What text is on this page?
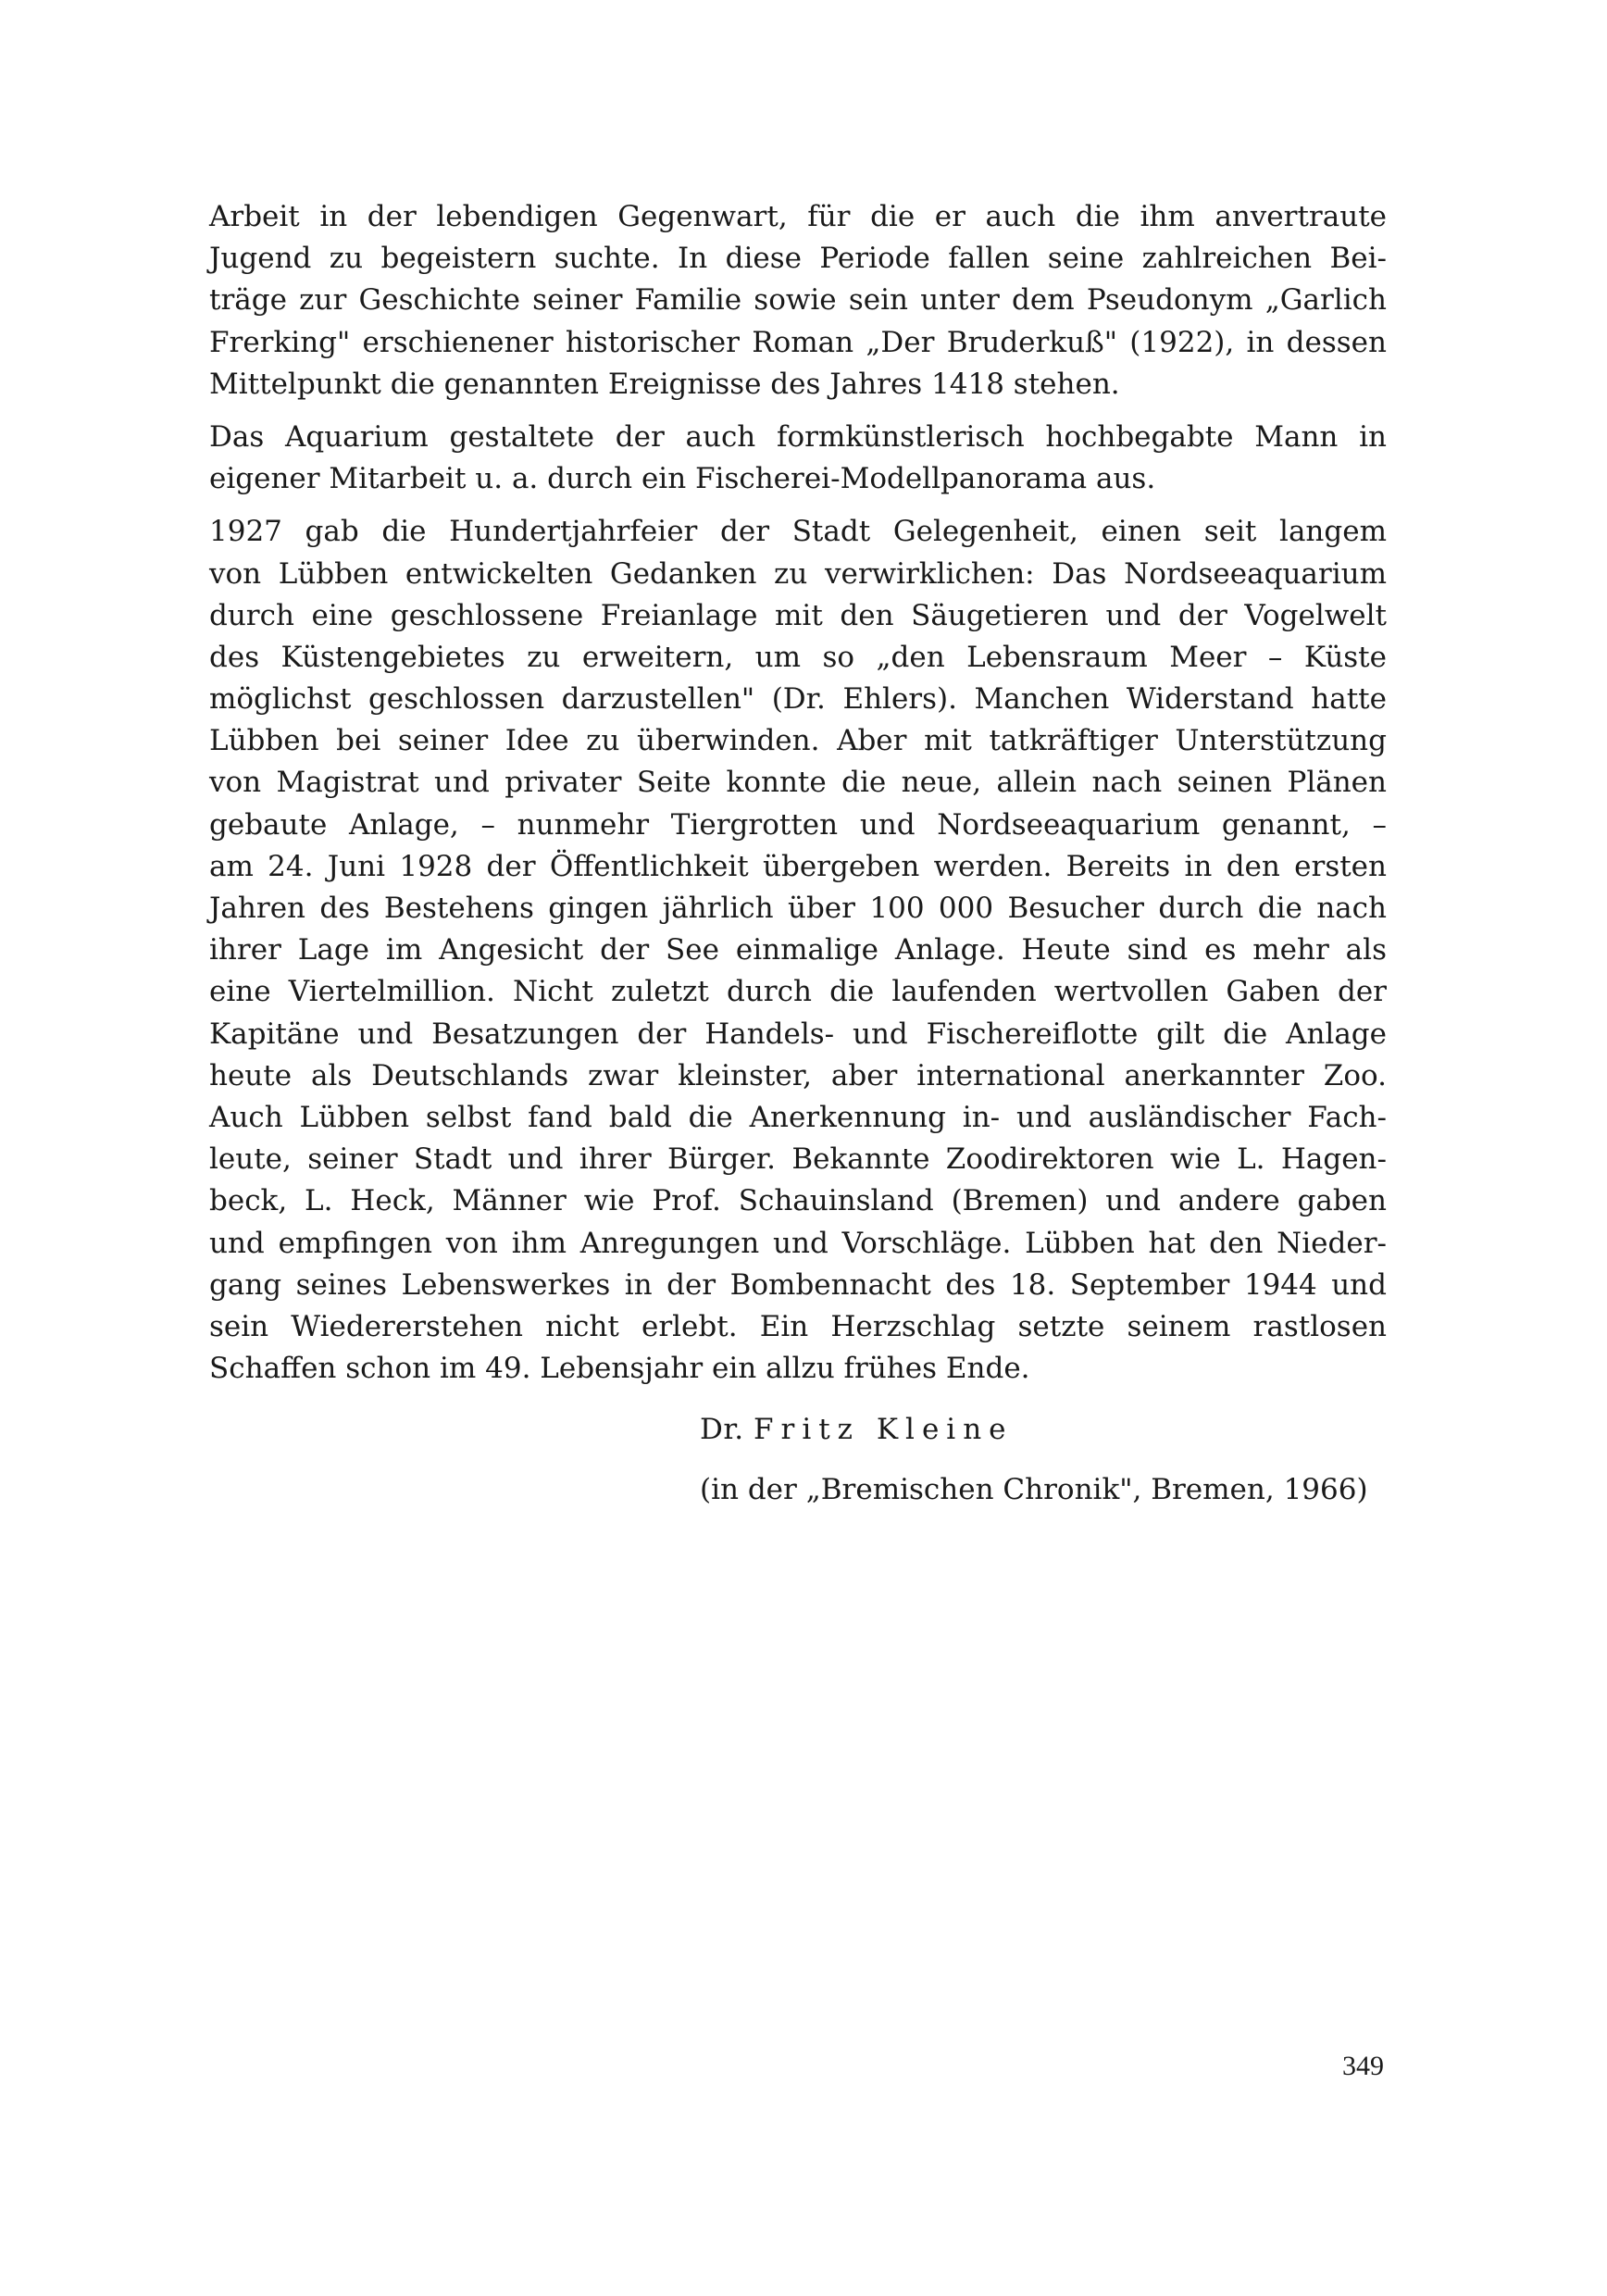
Arbeit in der lebendigen Gegenwart, für die er auch die ihm anvertraute
Jugend zu begeistern suchte. In diese Periode fallen seine zahlreichen Bei-
träge zur Geschichte seiner Familie sowie sein unter dem Pseudonym „Garlich
Frerking" erschienener historischer Roman „Der Bruderkuß" (1922), in dessen
Mittelpunkt die genannten Ereignisse des Jahres 1418 stehen.
Das Aquarium gestaltete der auch formkünstlerisch hochbegabte Mann in
eigener Mitarbeit u. a. durch ein Fischerei-Modellpanorama aus.
1927 gab die Hundertjahrfeier der Stadt Gelegenheit, einen seit langem
von Lübben entwickelten Gedanken zu verwirklichen: Das Nordseeaquarium
durch eine geschlossene Freianlage mit den Säugetieren und der Vogelwelt
des Küstengebietes zu erweitern, um so „den Lebensraum Meer – Küste
möglichst geschlossen darzustellen" (Dr. Ehlers). Manchen Widerstand hatte
Lübben bei seiner Idee zu überwinden. Aber mit tatkräftiger Unterstützung
von Magistrat und privater Seite konnte die neue, allein nach seinen Plänen
gebaute Anlage, – nunmehr Tiergrotten und Nordseeaquarium genannt, –
am 24. Juni 1928 der Öffentlichkeit übergeben werden. Bereits in den ersten
Jahren des Bestehens gingen jährlich über 100 000 Besucher durch die nach
ihrer Lage im Angesicht der See einmalige Anlage. Heute sind es mehr als
eine Viertelmillion. Nicht zuletzt durch die laufenden wertvollen Gaben der
Kapitäne und Besatzungen der Handels- und Fischereiflotte gilt die Anlage
heute als Deutschlands zwar kleinster, aber international anerkannter Zoo.
Auch Lübben selbst fand bald die Anerkennung in- und ausländischer Fach-
leute, seiner Stadt und ihrer Bürger. Bekannte Zoodirektoren wie L. Hagen-
beck, L. Heck, Männer wie Prof. Schauinsland (Bremen) und andere gaben
und empfingen von ihm Anregungen und Vorschläge. Lübben hat den Nieder-
gang seines Lebenswerkes in der Bombennacht des 18. September 1944 und
sein Wiedererstehen nicht erlebt. Ein Herzschlag setzte seinem rastlosen
Schaffen schon im 49. Lebensjahr ein allzu frühes Ende.
Dr. Fritz Kleine
(in der „Bremischen Chronik", Bremen, 1966)
349
